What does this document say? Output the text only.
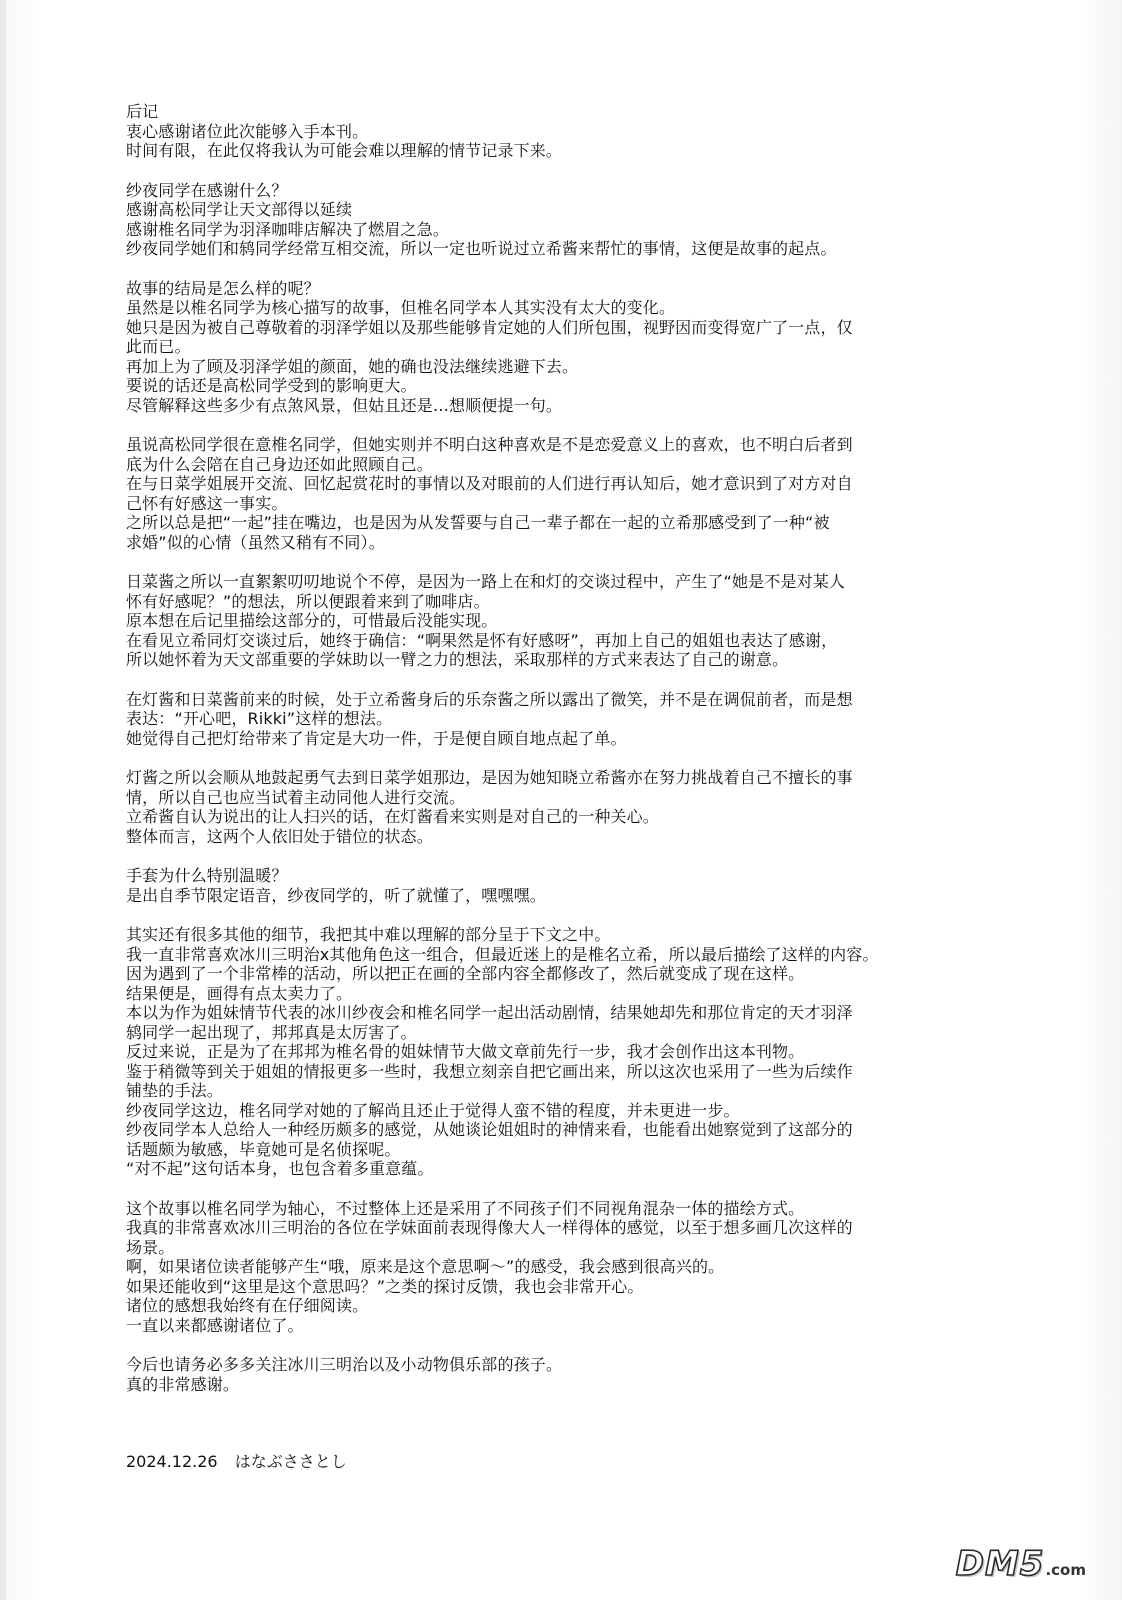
后记
衷心感谢诸位此次能够入手本刊。
时间有限，在此仅将我认为可能会难以理解的情节记录下来。
纱夜同学在感谢什么？
感谢高松同学让天文部得以延续
感谢椎名同学为羽泽咖啡店解决了燃眉之急。
纱夜同学她们和鸫同学经常互相交流，所以一定也听说过立希酱来帮忙的事情，这便是故事的起点。
故事的结局是怎么样的呢？
虽然是以椎名同学为核心描写的故事，但椎名同学本人其实没有太大的变化。
她只是因为被自己尊敬着的羽泽学姐以及那些能够肯定她的人们所包围，视野因而变得宽广了一点，仅
此而已。
再加上为了顾及羽泽学姐的颜面，她的确也没法继续逃避下去。
要说的话还是高松同学受到的影响更大。
尽管解释这些多少有点煞风景，但姑且还是…想顺便提一句。
虽说高松同学很在意椎名同学，但她实则并不明白这种喜欢是不是恋爱意义上的喜欢，也不明白后者到
底为什么会陪在自己身边还如此照顾自己。
在与日菜学姐展开交流、回忆起赏花时的事情以及对眼前的人们进行再认知后，她才意识到了对方对自
己怀有好感这一事实。
之所以总是把“一起”挂在嘴边，也是因为从发誓要与自己一辈子都在一起的立希那感受到了一种“被
求婚”似的心情（虽然又稍有不同）。
日菜酱之所以一直絮絮叨叨地说个不停，是因为一路上在和灯的交谈过程中，产生了“她是不是对某人
怀有好感呢？”的想法，所以便跟着来到了咖啡店。
原本想在后记里描绘这部分的，可惜最后没能实现。
在看见立希同灯交谈过后，她终于确信：“啊果然是怀有好感呀”，再加上自己的姐姐也表达了感谢，
所以她怀着为天文部重要的学妹助以一臂之力的想法，采取那样的方式来表达了自己的谢意。
在灯酱和日菜酱前来的时候，处于立希酱身后的乐奈酱之所以露出了微笑，并不是在调侃前者，而是想
表达：“开心吧，Rikki”这样的想法。
她觉得自己把灯给带来了肯定是大功一件，于是便自顾自地点起了单。
灯酱之所以会顺从地鼓起勇气去到日菜学姐那边，是因为她知晓立希酱亦在努力挑战着自己不擅长的事
情，所以自己也应当试着主动同他人进行交流。
立希酱自认为说出的让人扫兴的话，在灯酱看来实则是对自己的一种关心。
整体而言，这两个人依旧处于错位的状态。
手套为什么特别温暖？
是出自季节限定语音，纱夜同学的，听了就懂了，嘿嘿嘿。
其实还有很多其他的细节，我把其中难以理解的部分呈于下文之中。
我一直非常喜欢冰川三明治x其他角色这一组合，但最近迷上的是椎名立希，所以最后描绘了这样的内容。
因为遇到了一个非常棒的活动，所以把正在画的全部内容全都修改了，然后就变成了现在这样。
结果便是，画得有点太卖力了。
本以为作为姐妹情节代表的冰川纱夜会和椎名同学一起出活动剧情，结果她却先和那位肯定的天才羽泽
鸫同学一起出现了，邦邦真是太厉害了。
反过来说，正是为了在邦邦为椎名骨的姐妹情节大做文章前先行一步，我才会创作出这本刊物。
鉴于稍微等到关于姐姐的情报更多一些时，我想立刻亲自把它画出来，所以这次也采用了一些为后续作
铺垫的手法。
纱夜同学这边，椎名同学对她的了解尚且还止于觉得人蛮不错的程度，并未更进一步。
纱夜同学本人总给人一种经历颇多的感觉，从她谈论姐姐时的神情来看，也能看出她察觉到了这部分的
话题颇为敏感，毕竟她可是名侦探呢。
“对不起”这句话本身，也包含着多重意蕴。
这个故事以椎名同学为轴心，不过整体上还是采用了不同孩子们不同视角混杂一体的描绘方式。
我真的非常喜欢冰川三明治的各位在学妹面前表现得像大人一样得体的感觉，以至于想多画几次这样的
场景。
啊，如果诸位读者能够产生“哦，原来是这个意思啊～”的感受，我会感到很高兴的。
如果还能收到“这里是这个意思吗？”之类的探讨反馈，我也会非常开心。
诸位的感想我始终有在仔细阅读。
一直以来都感谢诸位了。
今后也请务必多多关注冰川三明治以及小动物俱乐部的孩子。
真的非常感谢。
2024.12.26 はなぶささとし
DM5 .com
